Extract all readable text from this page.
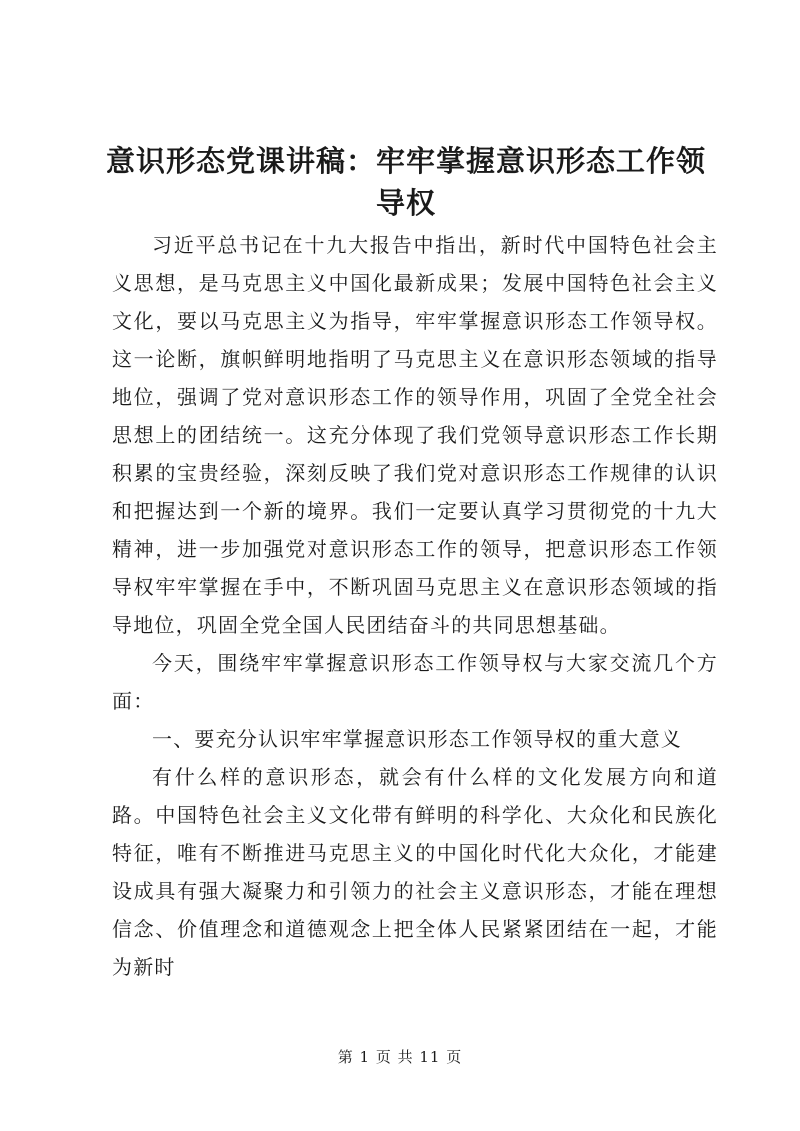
意识形态党课讲稿：牢牢掌握意识形态工作领导权

习近平总书记在十九大报告中指出，新时代中国特色社会主义思想，是马克思主义中国化最新成果；发展中国特色社会主义文化，要以马克思主义为指导，牢牢掌握意识形态工作领导权。这一论断，旗帜鲜明地指明了马克思主义在意识形态领域的指导地位，强调了党对意识形态工作的领导作用，巩固了全党全社会思想上的团结统一。这充分体现了我们党领导意识形态工作长期积累的宝贵经验，深刻反映了我们党对意识形态工作规律的认识和把握达到一个新的境界。我们一定要认真学习贯彻党的十九大精神，进一步加强党对意识形态工作的领导，把意识形态工作领导权牢牢掌握在手中，不断巩固马克思主义在意识形态领域的指导地位，巩固全党全国人民团结奋斗的共同思想基础。

今天，围绕牢牢掌握意识形态工作领导权与大家交流几个方面：

一、要充分认识牢牢掌握意识形态工作领导权的重大意义

有什么样的意识形态，就会有什么样的文化发展方向和道路。中国特色社会主义文化带有鲜明的科学化、大众化和民族化特征，唯有不断推进马克思主义的中国化时代化大众化，才能建设成具有强大凝聚力和引领力的社会主义意识形态，才能在理想信念、价值理念和道德观念上把全体人民紧紧团结在一起，才能为新时

第 1 页 共 11 页
